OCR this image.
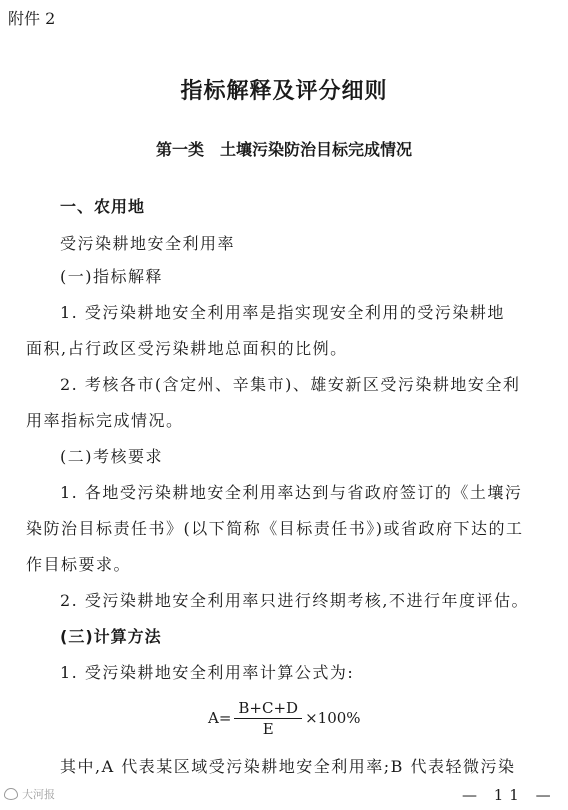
附件 2
指标解释及评分细则
第一类　土壤污染防治目标完成情况
一、农用地
受污染耕地安全利用率
(一)指标解释
1. 受污染耕地安全利用率是指实现安全利用的受污染耕地
面积,占行政区受污染耕地总面积的比例。
2. 考核各市(含定州、辛集市)、雄安新区受污染耕地安全利
用率指标完成情况。
(二)考核要求
1. 各地受污染耕地安全利用率达到与省政府签订的《土壤污
染防治目标责任书》(以下简称《目标责任书》)或省政府下达的工
作目标要求。
2. 受污染耕地安全利用率只进行终期考核,不进行年度评估。
(三)计算方法
1. 受污染耕地安全利用率计算公式为:
$A= \frac{B+C+D}{E} \times 100\%$
其中,A 代表某区域受污染耕地安全利用率;B 代表轻微污染
大河报	— 11 —
